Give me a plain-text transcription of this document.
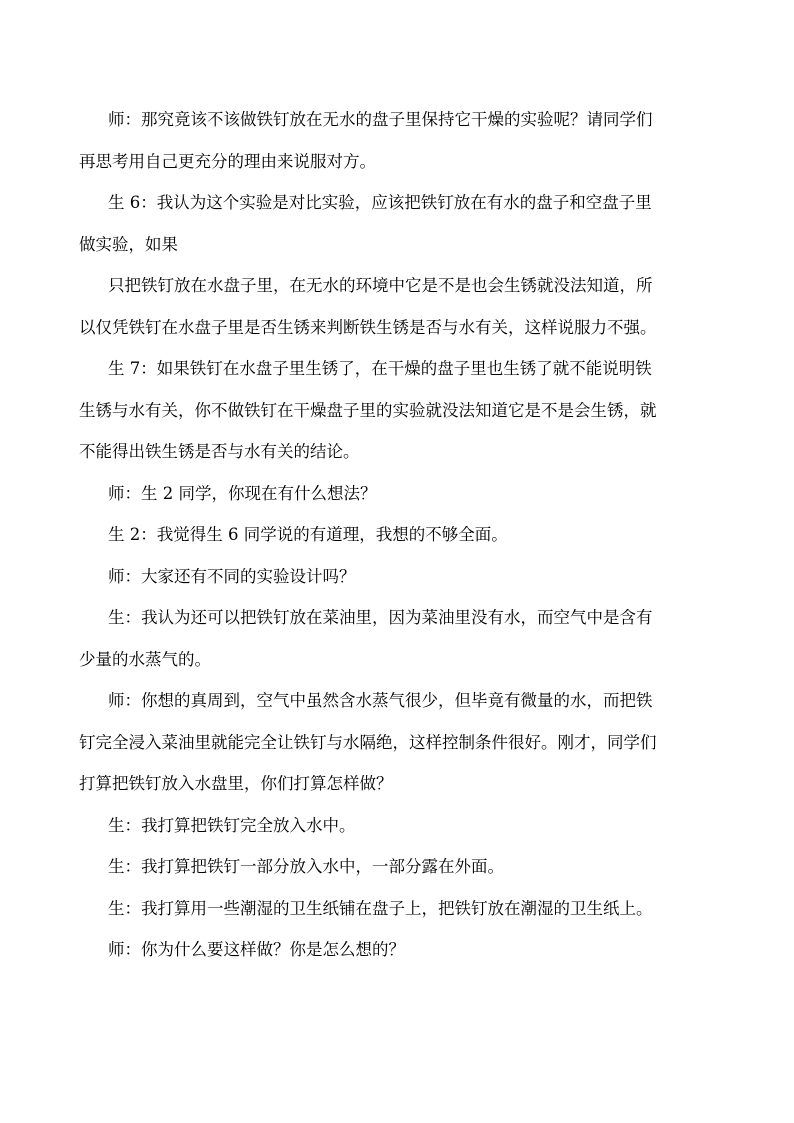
师：那究竟该不该做铁钉放在无水的盘子里保持它干燥的实验呢？请同学们
再思考用自己更充分的理由来说服对方。
生 6：我认为这个实验是对比实验，应该把铁钉放在有水的盘子和空盘子里
做实验，如果
只把铁钉放在水盘子里，在无水的环境中它是不是也会生锈就没法知道，所
以仅凭铁钉在水盘子里是否生锈来判断铁生锈是否与水有关，这样说服力不强。
生 7：如果铁钉在水盘子里生锈了，在干燥的盘子里也生锈了就不能说明铁
生锈与水有关，你不做铁钉在干燥盘子里的实验就没法知道它是不是会生锈，就
不能得出铁生锈是否与水有关的结论。
师：生 2 同学，你现在有什么想法？
生 2：我觉得生 6 同学说的有道理，我想的不够全面。
师：大家还有不同的实验设计吗？
生：我认为还可以把铁钉放在菜油里，因为菜油里没有水，而空气中是含有
少量的水蒸气的。
师：你想的真周到，空气中虽然含水蒸气很少，但毕竟有微量的水，而把铁
钉完全浸入菜油里就能完全让铁钉与水隔绝，这样控制条件很好。刚才，同学们
打算把铁钉放入水盘里，你们打算怎样做？
生：我打算把铁钉完全放入水中。
生：我打算把铁钉一部分放入水中，一部分露在外面。
生：我打算用一些潮湿的卫生纸铺在盘子上，把铁钉放在潮湿的卫生纸上。
师：你为什么要这样做？你是怎么想的？
